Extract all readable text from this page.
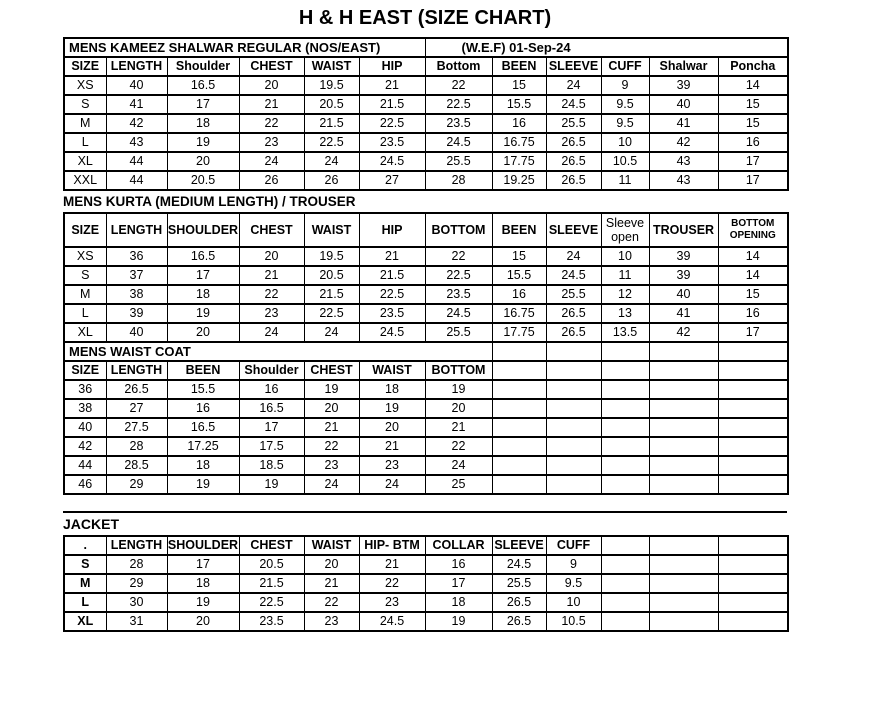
H & H EAST (SIZE CHART)
MENS KAMEEZ SHALWAR REGULAR (NOS/EAST)						(W.E.F) 01-Sep-24					
SIZE	LENGTH	Shoulder	CHEST	WAIST	HIP	Bottom	BEEN	SLEEVE	CUFF	Shalwar	Poncha
XS	40	16.5	20	19.5	21	22	15	24	9	39	14
S	41	17	21	20.5	21.5	22.5	15.5	24.5	9.5	40	15
M	42	18	22	21.5	22.5	23.5	16	25.5	9.5	41	15
L	43	19	23	22.5	23.5	24.5	16.75	26.5	10	42	16
XL	44	20	24	24	24.5	25.5	17.75	26.5	10.5	43	17
XXL	44	20.5	26	26	27	28	19.25	26.5	11	43	17
MENS KURTA (MEDIUM LENGTH) / TROUSER
SIZE	LENGTH	SHOULDER	CHEST	WAIST	HIP	BOTTOM	BEEN	SLEEVE	Sleeve open	TROUSER	BOTTOM OPENING
XS	36	16.5	20	19.5	21	22	15	24	10	39	14
S	37	17	21	20.5	21.5	22.5	15.5	24.5	11	39	14
M	38	18	22	21.5	22.5	23.5	16	25.5	12	40	15
L	39	19	23	22.5	23.5	24.5	16.75	26.5	13	41	16
XL	40	20	24	24	24.5	25.5	17.75	26.5	13.5	42	17
MENS WAIST COAT											
SIZE	LENGTH	BEEN	Shoulder	CHEST	WAIST	BOTTOM					
36	26.5	15.5	16	19	18	19					
38	27	16	16.5	20	19	20					
40	27.5	16.5	17	21	20	21					
42	28	17.25	17.5	22	21	22					
44	28.5	18	18.5	23	23	24					
46	29	19	19	24	24	25					
JACKET
.	LENGTH	SHOULDER	CHEST	WAIST	HIP- BTM	COLLAR	SLEEVE	CUFF			
S	28	17	20.5	20	21	16	24.5	9			
M	29	18	21.5	21	22	17	25.5	9.5			
L	30	19	22.5	22	23	18	26.5	10			
XL	31	20	23.5	23	24.5	19	26.5	10.5			
